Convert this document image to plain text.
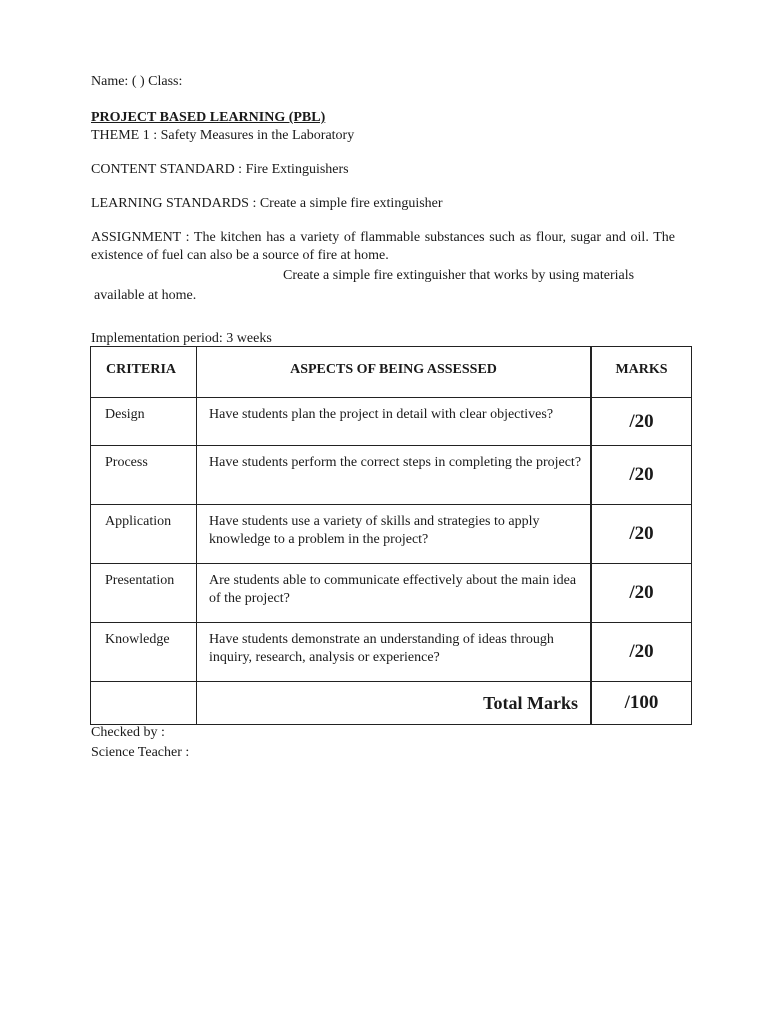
Name: ( ) Class:
PROJECT BASED LEARNING (PBL)
THEME 1 : Safety Measures in the Laboratory
CONTENT STANDARD : Fire Extinguishers
LEARNING STANDARDS : Create a simple fire extinguisher
ASSIGNMENT : The kitchen has a variety of flammable substances such as flour, sugar and oil. The existence of fuel can also be a source of fire at home.
Create a simple fire extinguisher that works by using materials
available at home.
Implementation period: 3 weeks
CRITERIA	ASPECTS OF BEING ASSESSED	MARKS
Design	Have students plan the project in detail with clear objectives?	/20
Process	Have students perform the correct steps in completing the project?	/20
Application	Have students use a variety of skills and strategies to apply knowledge to a problem in the project?	/20
Presentation	Are students able to communicate effectively about the main idea of the project?	/20
Knowledge	Have students demonstrate an understanding of ideas through inquiry, research, analysis or experience?	/20
	Total Marks	/100
Checked by :
Science Teacher :
